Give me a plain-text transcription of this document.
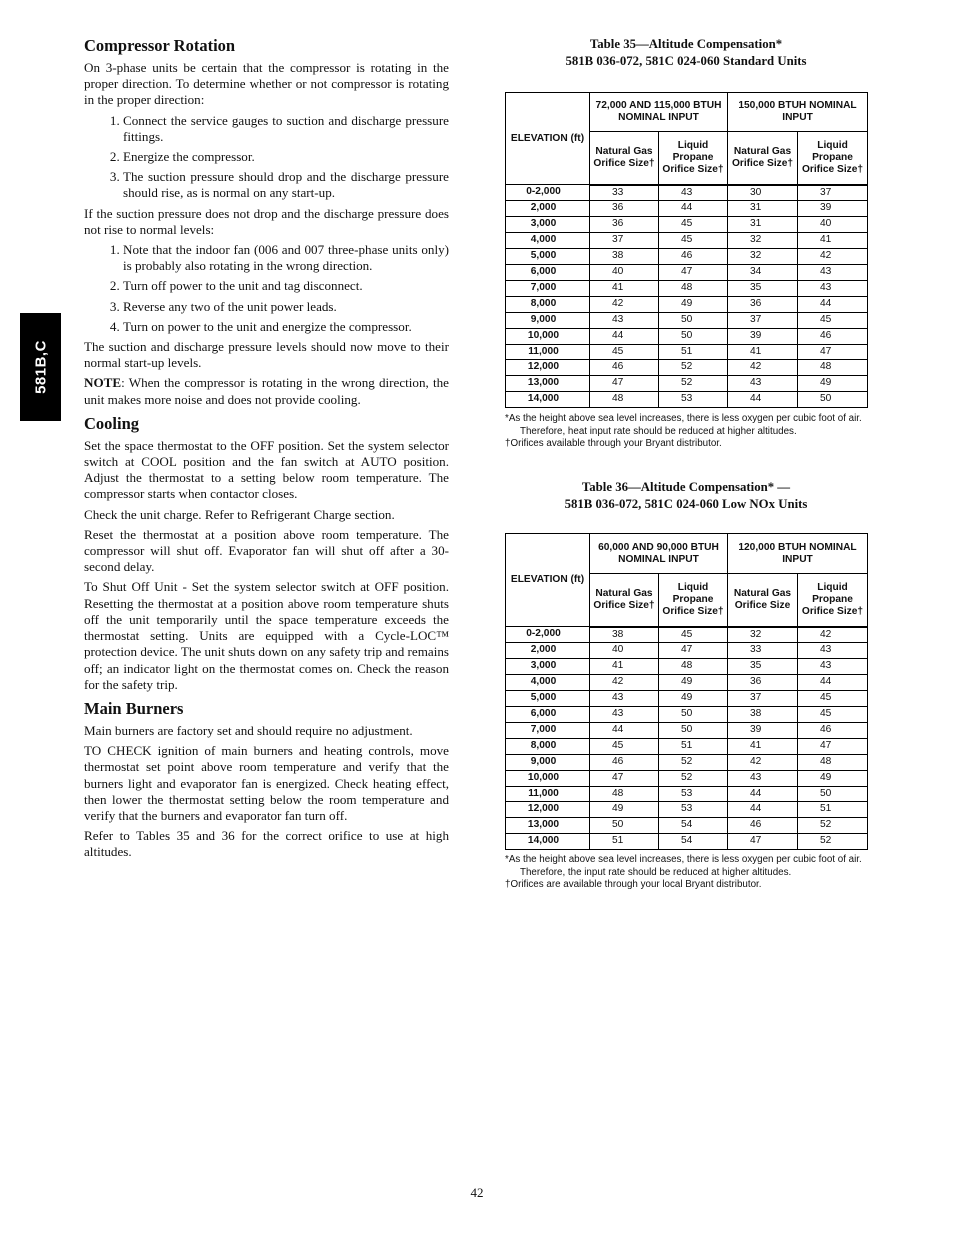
581B,C
Compressor Rotation

On 3-phase units be certain that the compressor is rotating in the proper direction. To determine whether or not compressor is rotating in the proper direction:

1. Connect the service gauges to suction and discharge pressure fittings.
2. Energize the compressor.
3. The suction pressure should drop and the discharge pressure should rise, as is normal on any start-up.

If the suction pressure does not drop and the discharge pressure does not rise to normal levels:

1. Note that the indoor fan (006 and 007 three-phase units only) is probably also rotating in the wrong direction.
2. Turn off power to the unit and tag disconnect.
3. Reverse any two of the unit power leads.
4. Turn on power to the unit and energize the compressor.

The suction and discharge pressure levels should now move to their normal start-up levels.

NOTE: When the compressor is rotating in the wrong direction, the unit makes more noise and does not provide cooling.

Cooling

Set the space thermostat to the OFF position. Set the system selector switch at COOL position and the fan switch at AUTO position. Adjust the thermostat to a setting below room temperature. The compressor starts when contactor closes.

Check the unit charge. Refer to Refrigerant Charge section.

Reset the thermostat at a position above room temperature. The compressor will shut off. Evaporator fan will shut off after a 30-second delay.

To Shut Off Unit - Set the system selector switch at OFF position. Resetting the thermostat at a position above room temperature shuts off the unit temporarily until the space temperature exceeds the thermostat setting. Units are equipped with a Cycle-LOC™ protection device. The unit shuts down on any safety trip and remains off; an indicator light on the thermostat comes on. Check the reason for the safety trip.

Main Burners

Main burners are factory set and should require no adjustment.

TO CHECK ignition of main burners and heating controls, move thermostat set point above room temperature and verify that the burners light and evaporator fan is energized. Check heating effect, then lower the thermostat setting below the room temperature and verify that the burners and evaporator fan turn off.

Refer to Tables 35 and 36 for the correct orifice to use at high altitudes.

Table 35—Altitude Compensation*
581B 036-072, 581C 024-060 Standard Units
ELEVATION (ft)	72,000 AND 115,000 BTUH NOMINAL INPUT		150,000 BTUH NOMINAL INPUT	
	Natural Gas Orifice Size†	Liquid Propane Orifice Size†	Natural Gas Orifice Size†	Liquid Propane Orifice Size†
0-2,000	33	43	30	37
2,000	36	44	31	39
3,000	36	45	31	40
4,000	37	45	32	41
5,000	38	46	32	42
6,000	40	47	34	43
7,000	41	48	35	43
8,000	42	49	36	44
9,000	43	50	37	45
10,000	44	50	39	46
11,000	45	51	41	47
12,000	46	52	42	48
13,000	47	52	43	49
14,000	48	53	44	50

*As the height above sea level increases, there is less oxygen per cubic foot of air. Therefore, heat input rate should be reduced at higher altitudes.

†Orifices available through your Bryant distributor.

Table 36—Altitude Compensation* —
581B 036-072, 581C 024-060 Low NOx Units
ELEVATION (ft)	60,000 AND 90,000 BTUH NOMINAL INPUT		120,000 BTUH NOMINAL INPUT	
	Natural Gas Orifice Size†	Liquid Propane Orifice Size†	Natural Gas Orifice Size	Liquid Propane Orifice Size†
0-2,000	38	45	32	42
2,000	40	47	33	43
3,000	41	48	35	43
4,000	42	49	36	44
5,000	43	49	37	45
6,000	43	50	38	45
7,000	44	50	39	46
8,000	45	51	41	47
9,000	46	52	42	48
10,000	47	52	43	49
11,000	48	53	44	50
12,000	49	53	44	51
13,000	50	54	46	52
14,000	51	54	47	52

*As the height above sea level increases, there is less oxygen per cubic foot of air. Therefore, the input rate should be reduced at higher altitudes.

†Orifices are available through your local Bryant distributor.

42
